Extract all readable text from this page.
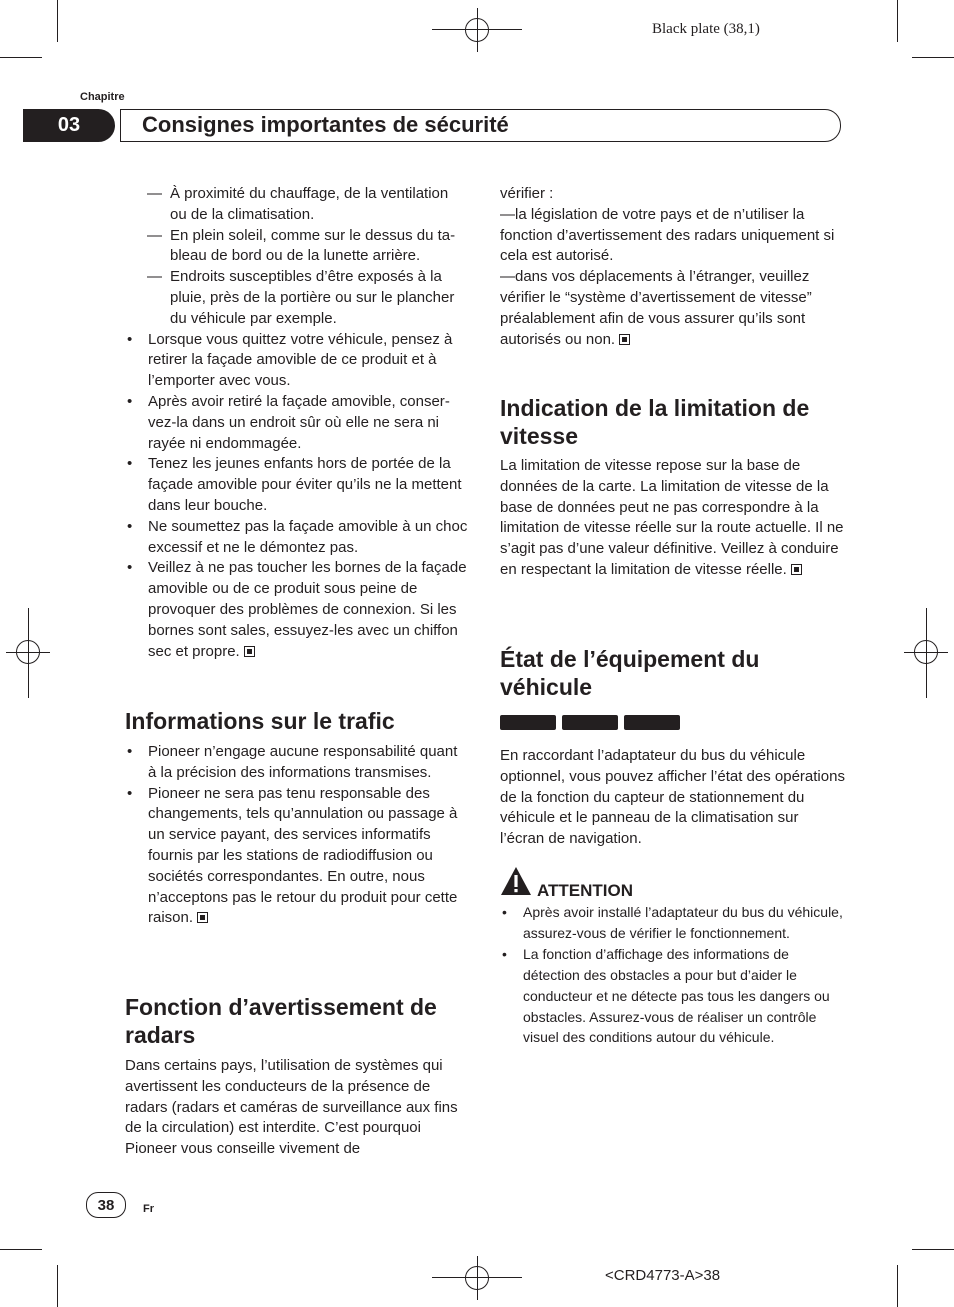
Black plate (38,1)
Chapitre
03	Consignes importantes de sécurité

— À proximité du chauffage, de la ventilation ou de la climatisation.

— En plein soleil, comme sur le dessus du tableau de bord ou de la lunette arrière.

— Endroits susceptibles d’être exposés à la pluie, près de la portière ou sur le plancher du véhicule par exemple.

• Lorsque vous quittez votre véhicule, pensez à retirer la façade amovible de ce produit et à l’emporter avec vous.

• Après avoir retiré la façade amovible, conservez-la dans un endroit sûr où elle ne sera ni rayée ni endommagée.

• Tenez les jeunes enfants hors de portée de la façade amovible pour éviter qu’ils ne la mettent dans leur bouche.

• Ne soumettez pas la façade amovible à un choc excessif et ne le démontez pas.

• Veillez à ne pas toucher les bornes de la façade amovible ou de ce produit sous peine de provoquer des problèmes de connexion. Si les bornes sont sales, essuyez-les avec un chiffon sec et propre.

Informations sur le trafic

• Pioneer n’engage aucune responsabilité quant à la précision des informations transmises.

• Pioneer ne sera pas tenu responsable des changements, tels qu’annulation ou passage à un service payant, des services informatifs fournis par les stations de radiodiffusion ou sociétés correspondantes. En outre, nous n’acceptons pas le retour du produit pour cette raison.

Fonction d’avertissement de radars

Dans certains pays, l’utilisation de systèmes qui avertissent les conducteurs de la présence de radars (radars et caméras de surveillance aux fins de la circulation) est interdite. C’est pourquoi Pioneer vous conseille vivement de

vérifier :
—la législation de votre pays et de n’utiliser la fonction d’avertissement des radars uniquement si cela est autorisé.
—dans vos déplacements à l’étranger, veuillez vérifier le “système d’avertissement de vitesse” préalablement afin de vous assurer qu’ils sont autorisés ou non.

Indication de la limitation de vitesse

La limitation de vitesse repose sur la base de données de la carte. La limitation de vitesse de la base de données peut ne pas correspondre à la limitation de vitesse réelle sur la route actuelle. Il ne s’agit pas d’une valeur définitive. Veillez à conduire en respectant la limitation de vitesse réelle.

État de l’équipement du véhicule

En raccordant l’adaptateur du bus du véhicule optionnel, vous pouvez afficher l’état des opérations de la fonction du capteur de stationnement du véhicule et le panneau de la climatisation sur l’écran de navigation.

ATTENTION

• Après avoir installé l’adaptateur du bus du véhicule, assurez-vous de vérifier le fonctionnement.

• La fonction d’affichage des informations de détection des obstacles a pour but d’aider le conducteur et ne détecte pas tous les dangers ou obstacles. Assurez-vous de réaliser un contrôle visuel des conditions autour du véhicule.

38	Fr
<CRD4773-A>38
